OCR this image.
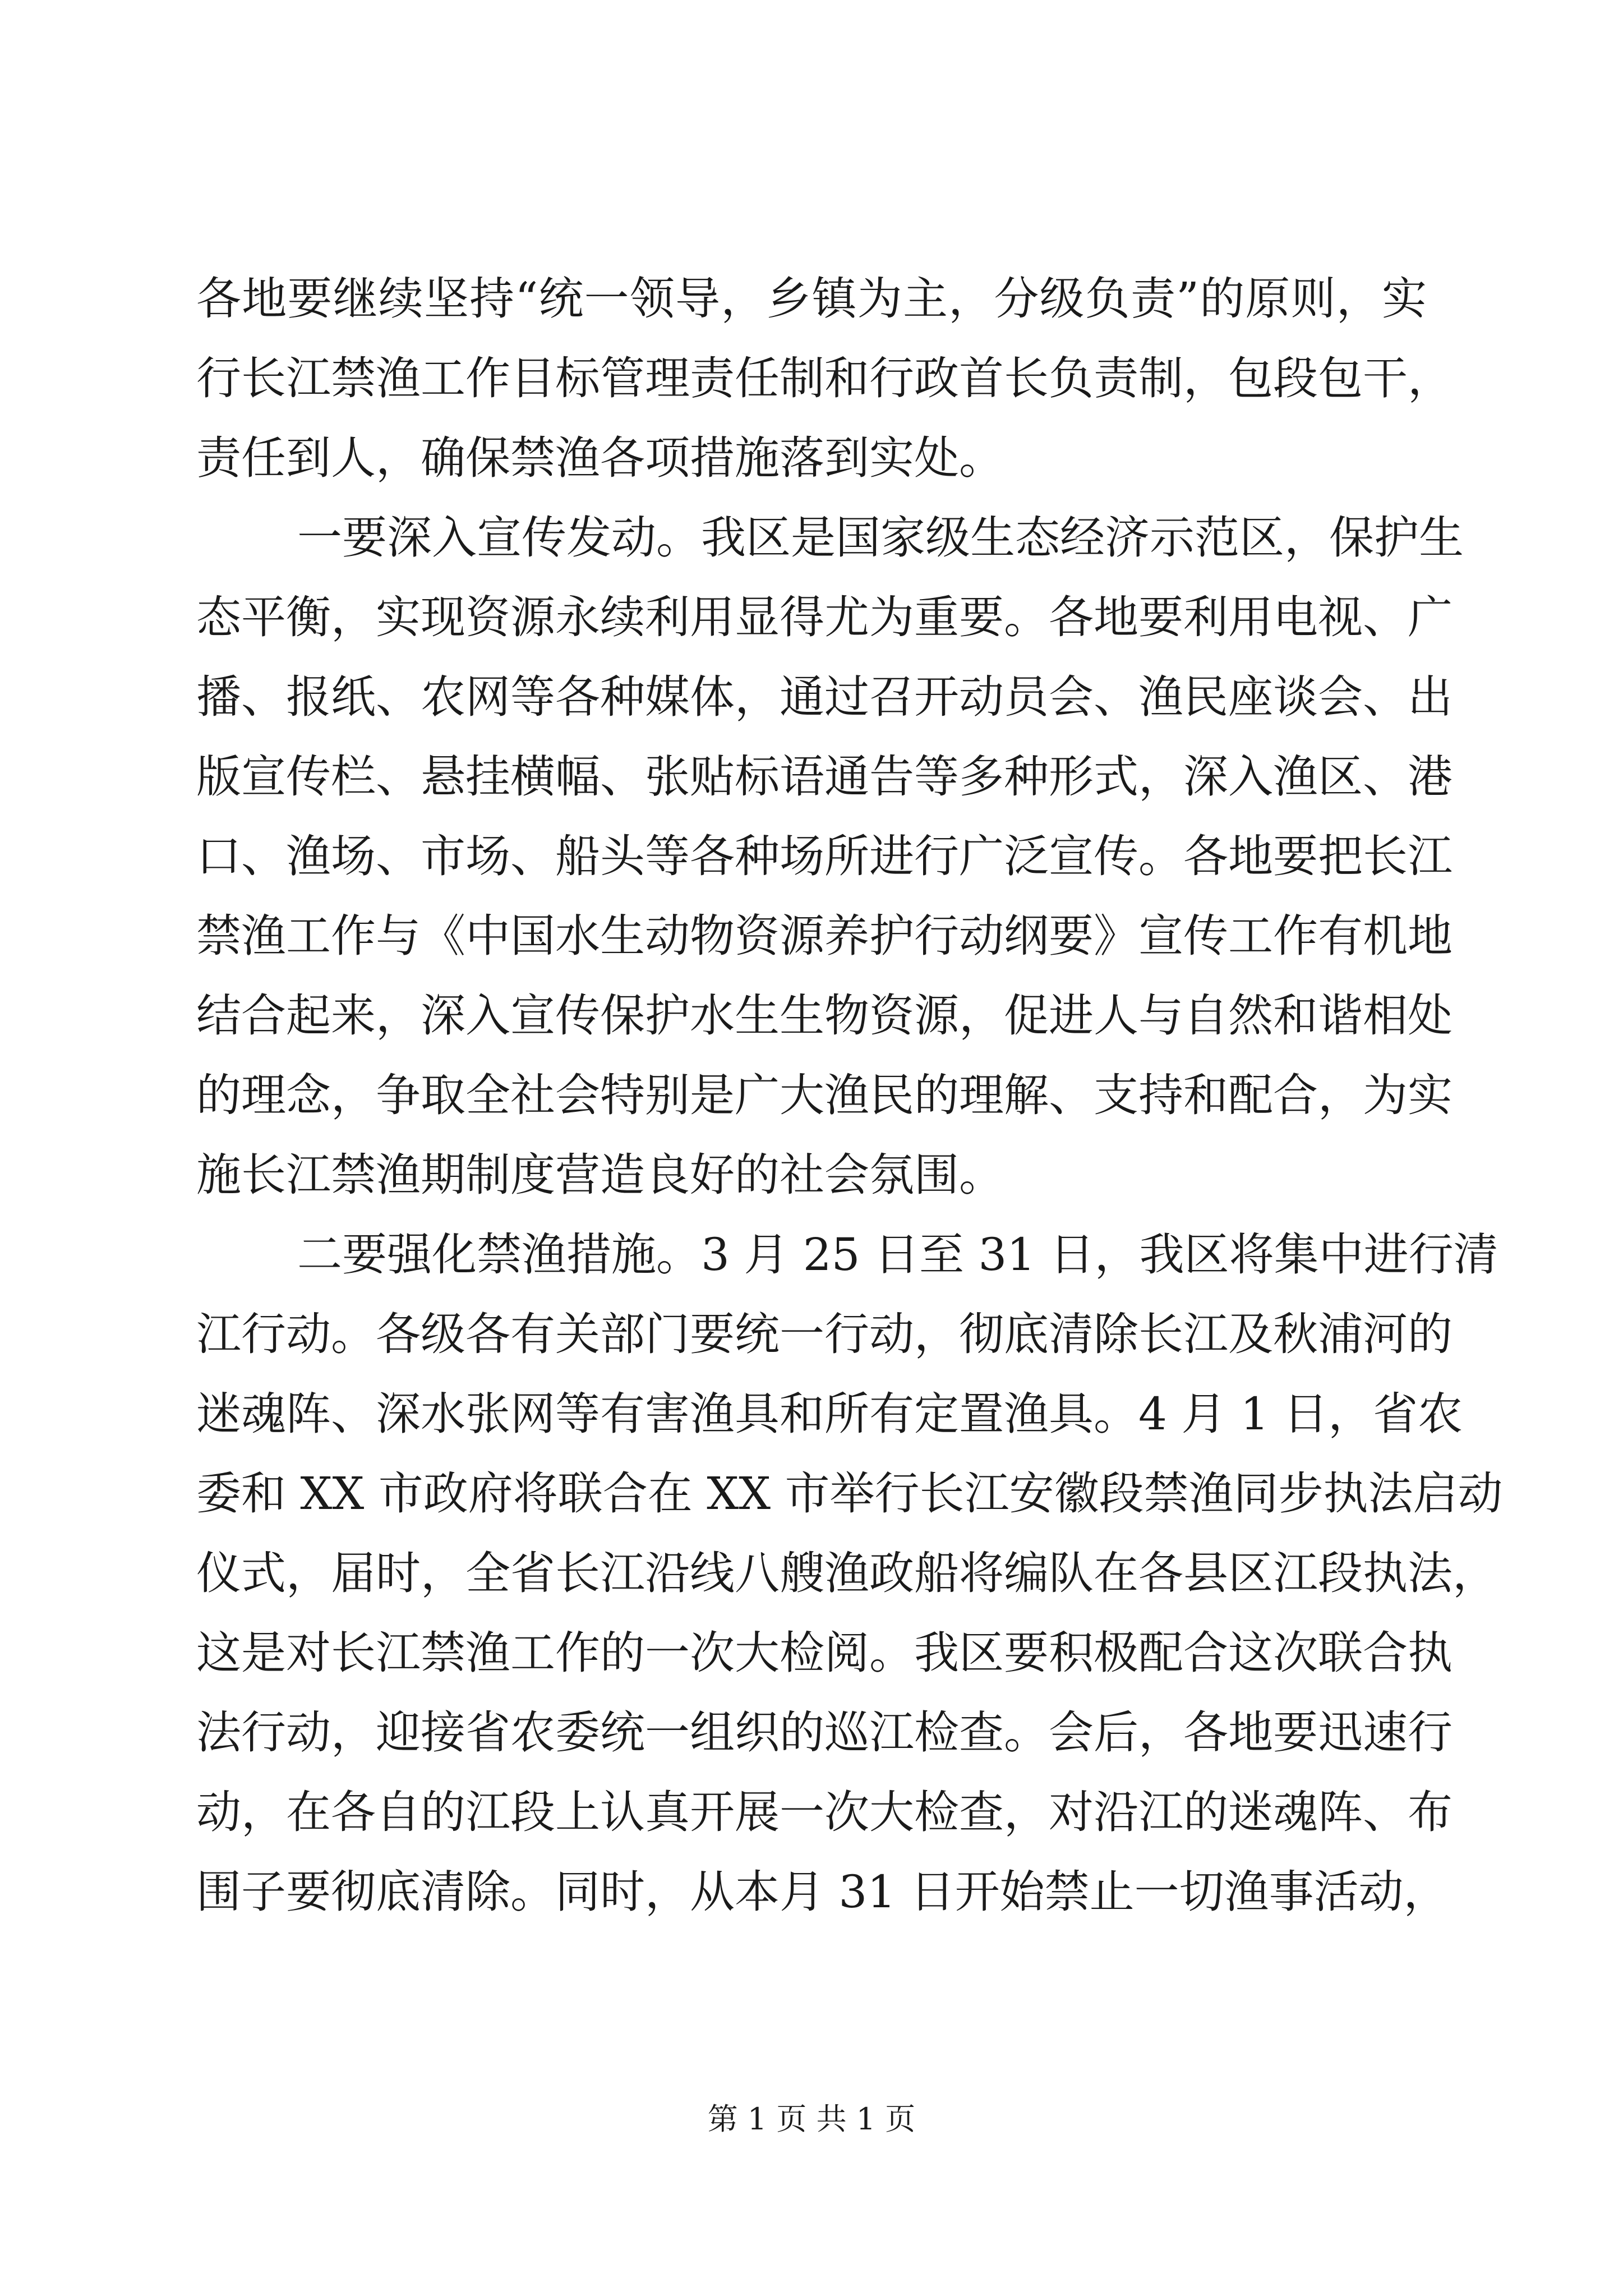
各地要继续坚持“统一领导，乡镇为主，分级负责”的原则，实
行长江禁渔工作目标管理责任制和行政首长负责制，包段包干，
责任到人，确保禁渔各项措施落到实处。
一要深入宣传发动。我区是国家级生态经济示范区，保护生
态平衡，实现资源永续利用显得尤为重要。各地要利用电视、广
播、报纸、农网等各种媒体，通过召开动员会、渔民座谈会、出
版宣传栏、悬挂横幅、张贴标语通告等多种形式，深入渔区、港
口、渔场、市场、船头等各种场所进行广泛宣传。各地要把长江
禁渔工作与《中国水生动物资源养护行动纲要》宣传工作有机地
结合起来，深入宣传保护水生生物资源，促进人与自然和谐相处
的理念，争取全社会特别是广大渔民的理解、支持和配合，为实
施长江禁渔期制度营造良好的社会氛围。
二要强化禁渔措施。3 月 25 日至 31 日，我区将集中进行清
江行动。各级各有关部门要统一行动，彻底清除长江及秋浦河的
迷魂阵、深水张网等有害渔具和所有定置渔具。4 月 1 日，省农
委和 XX 市政府将联合在 XX 市举行长江安徽段禁渔同步执法启动
仪式，届时，全省长江沿线八艘渔政船将编队在各县区江段执法，
这是对长江禁渔工作的一次大检阅。我区要积极配合这次联合执
法行动，迎接省农委统一组织的巡江检查。会后，各地要迅速行
动，在各自的江段上认真开展一次大检查，对沿江的迷魂阵、布
围子要彻底清除。同时，从本月 31 日开始禁止一切渔事活动，
第 1 页 共 1 页
